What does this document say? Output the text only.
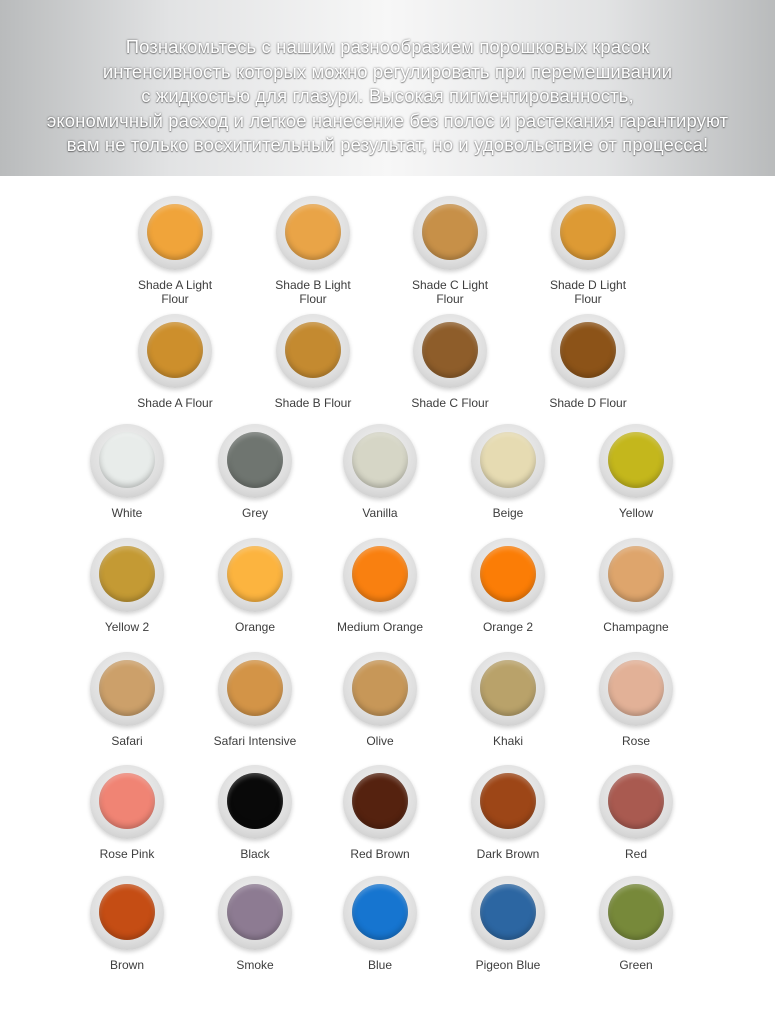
Познакомьтесь с нашим разнообразием порошковых красок
интенсивность которых можно регулировать при перемешивании
с жидкостью для глазури. Высокая пигментированность,
экономичный расход и легкое нанесение без полос и растекания гарантируют
вам не только восхитительный результат, но и удовольствие от процесса!

Shade A Light
Flour
Shade B Light
Flour
Shade C Light
Flour
Shade D Light
Flour
Shade A Flour	Shade B Flour	Shade C Flour	Shade D Flour
White	Grey	Vanilla	Beige	Yellow
Yellow 2	Orange	Medium Orange	Orange 2	Champagne
Safari	Safari Intensive	Olive	Khaki	Rose
Rose Pink	Black	Red Brown	Dark Brown	Red
Brown	Smoke	Blue	Pigeon Blue	Green
